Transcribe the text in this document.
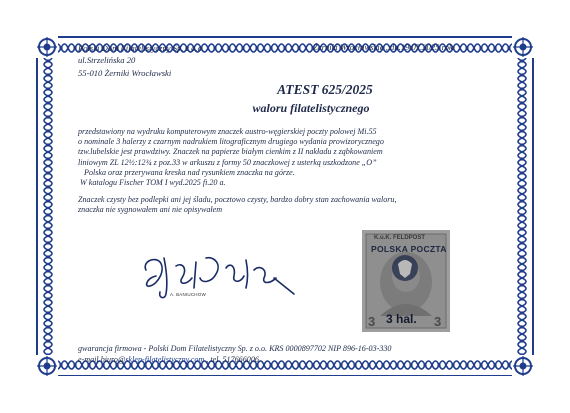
Polski Dom Filatelistyczny Sp. z o.o.
ul.Strzelińska 20
55-010 Żerniki Wrocławski
Żerniki Wrocławskie , dn.19.07.2025 rok
ATEST 625/2025
waloru filatelistycznego
przedstawiony na wydruku komputerowym znaczek austro-węgierskiej poczty polowej Mi.55
o nominale 3 halerzy z czarnym nadrukiem litograficznym drugiego wydania prowizorycznego
tzw.lubelskie jest prawdziwy. Znaczek na papierze białym cienkim z II nakładu z ząbkowaniem
liniowym ZL 12½:12¾ z poz.33 w arkuszu z formy 50 znaczkowej z usterką uszkodzone „O”
Polska oraz przerywana kreska nad rysunkiem znaczka na górze.
W katalogu Fischer TOM I wyd.2025 fi.20 a.
Znaczek czysty bez podlepki ani jej śladu, pocztowo czysty, bardzo dobry stan zachowania waloru,
znaczka nie sygnowałem ani nie opisywałem
A. BANIUCHOW
K.u.K. FELDPOST
POLSKA POCZTA
3 3 hal. 3
gwarancja firmowa - Polski Dom Filatelistyczny Sp. z o.o. KRS 0000897702 NIP 896-16-03-330
e-mail biuro@sklep-filatelistyczny.com , tel. 517666006
